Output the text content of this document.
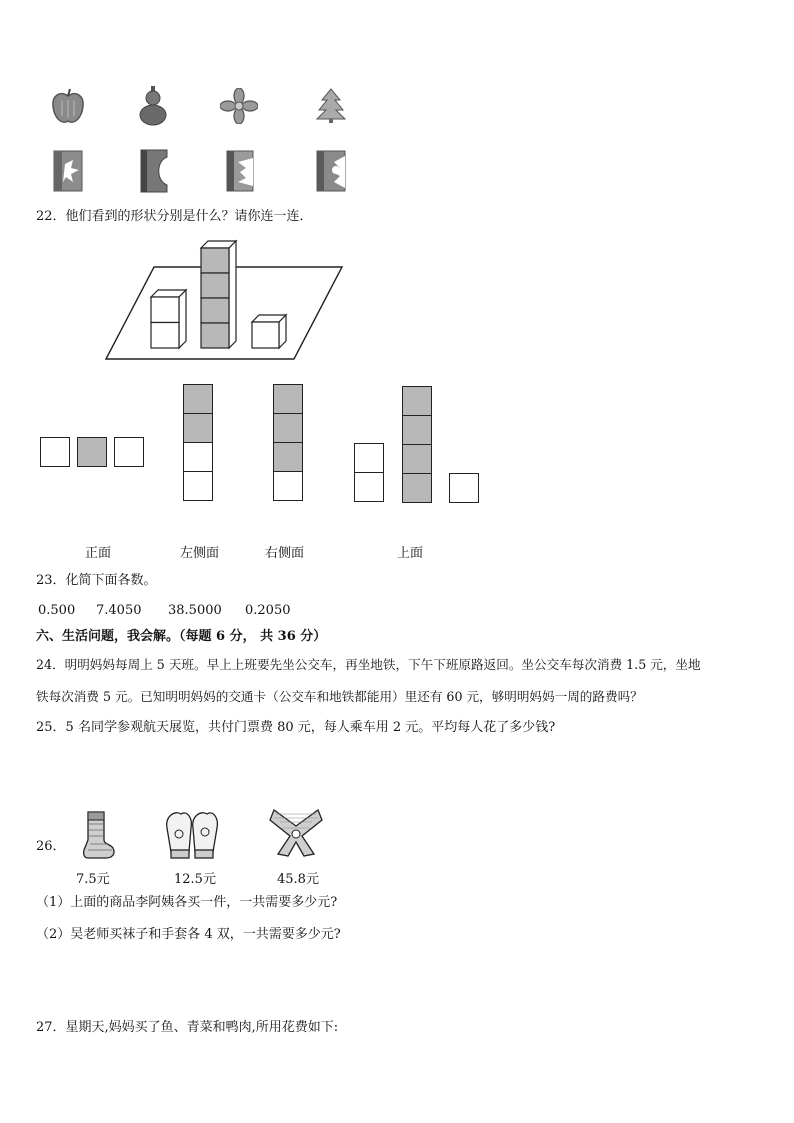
22．他们看到的形状分别是什么？请你连一连．
正面	左侧面	右侧面	上面
23．化简下面各数。
0.500 7.4050 38.5000 0.2050
六、生活问题，我会解。（每题 6 分， 共 36 分）
24．明明妈妈每周上 5 天班。早上上班要先坐公交车，再坐地铁，下午下班原路返回。坐公交车每次消费 1.5 元，坐地
铁每次消费 5 元。已知明明妈妈的交通卡（公交车和地铁都能用）里还有 60 元，够明明妈妈一周的路费吗？
25．5 名同学参观航天展览，共付门票费 80 元，每人乘车用 2 元。平均每人花了多少钱?
26．
7.5元	12.5元	45.8元
（1）上面的商品李阿姨各买一件，一共需要多少元?
（2）吴老师买袜子和手套各 4 双，一共需要多少元?
27．星期天,妈妈买了鱼、青菜和鸭肉,所用花费如下:
